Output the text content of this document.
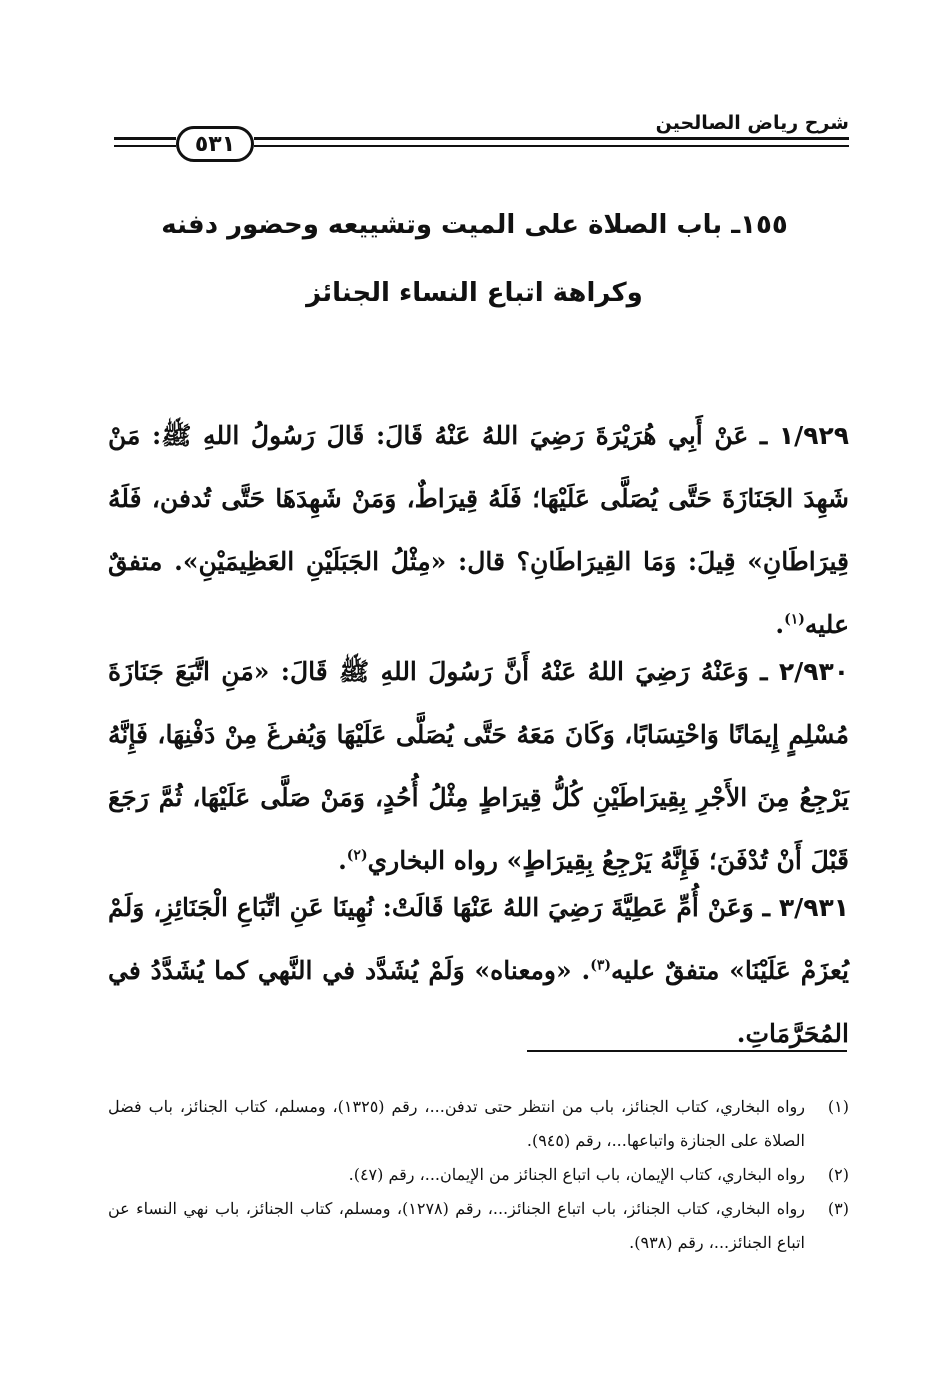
شرح رياض الصالحين
٥٣١
١٥٥ـ باب الصلاة على الميت وتشييعه وحضور دفنه
وكراهة اتباع النساء الجنائز

١/٩٢٩ ـ عَنْ أَبِي هُرَيْرَةَ رَضِيَ اللهُ عَنْهُ قَالَ: قَالَ رَسُولُ اللهِ ﷺ: مَنْ شَهِدَ الجَنَازَةَ حَتَّى يُصَلَّى عَلَيْهَا؛ فَلَهُ قِيرَاطٌ، وَمَنْ شَهِدَهَا حَتَّى تُدفن، فَلَهُ قِيرَاطَانِ» قِيلَ: وَمَا القِيرَاطَانِ؟ قال: «مِثْلُ الجَبَلَيْنِ العَظِيمَيْنِ». متفقٌ عليه$^{(١)}$.

٢/٩٣٠ ـ وَعَنْهُ رَضِيَ اللهُ عَنْهُ أَنَّ رَسُولَ اللهِ ﷺ قَالَ: «مَنِ اتَّبَعَ جَنَازَةَ مُسْلِمٍ إِيمَانًا وَاحْتِسَابًا، وَكَانَ مَعَهُ حَتَّى يُصَلَّى عَلَيْهَا وَيُفرغَ مِنْ دَفْنِهَا، فَإِنَّهُ يَرْجِعُ مِنَ الأَجْرِ بِقِيرَاطَيْنِ كُلُّ قِيرَاطٍ مِثْلُ أُحُدٍ، وَمَنْ صَلَّى عَلَيْهَا، ثُمَّ رَجَعَ قَبْلَ أَنْ تُدْفَنَ؛ فَإِنَّهُ يَرْجِعُ بِقِيرَاطٍ» رواه البخاري$^{(٢)}$.

٣/٩٣١ ـ وَعَنْ أُمِّ عَطِيَّةَ رَضِيَ اللهُ عَنْهَا قَالَتْ: نُهِينَا عَنِ اتِّبَاعِ الْجَنَائِزِ، وَلَمْ يُعزَمْ عَلَيْنَا» متفقٌ عليه$^{(٣)}$. «ومعناه» وَلَمْ يُشَدَّد في النَّهي كما يُشَدَّدُ في المُحَرَّمَاتِ.

(١)
رواه البخاري، كتاب الجنائز، باب من انتظر حتى تدفن...، رقم (١٣٢٥)، ومسلم، كتاب الجنائز، باب فضل الصلاة على الجنازة واتباعها...، رقم (٩٤٥).
(٢)
رواه البخاري، كتاب الإيمان، باب اتباع الجنائز من الإيمان...، رقم (٤٧).
(٣)
رواه البخاري، كتاب الجنائز، باب اتباع الجنائز...، رقم (١٢٧٨)، ومسلم، كتاب الجنائز، باب نهي النساء عن اتباع الجنائز...، رقم (٩٣٨).
